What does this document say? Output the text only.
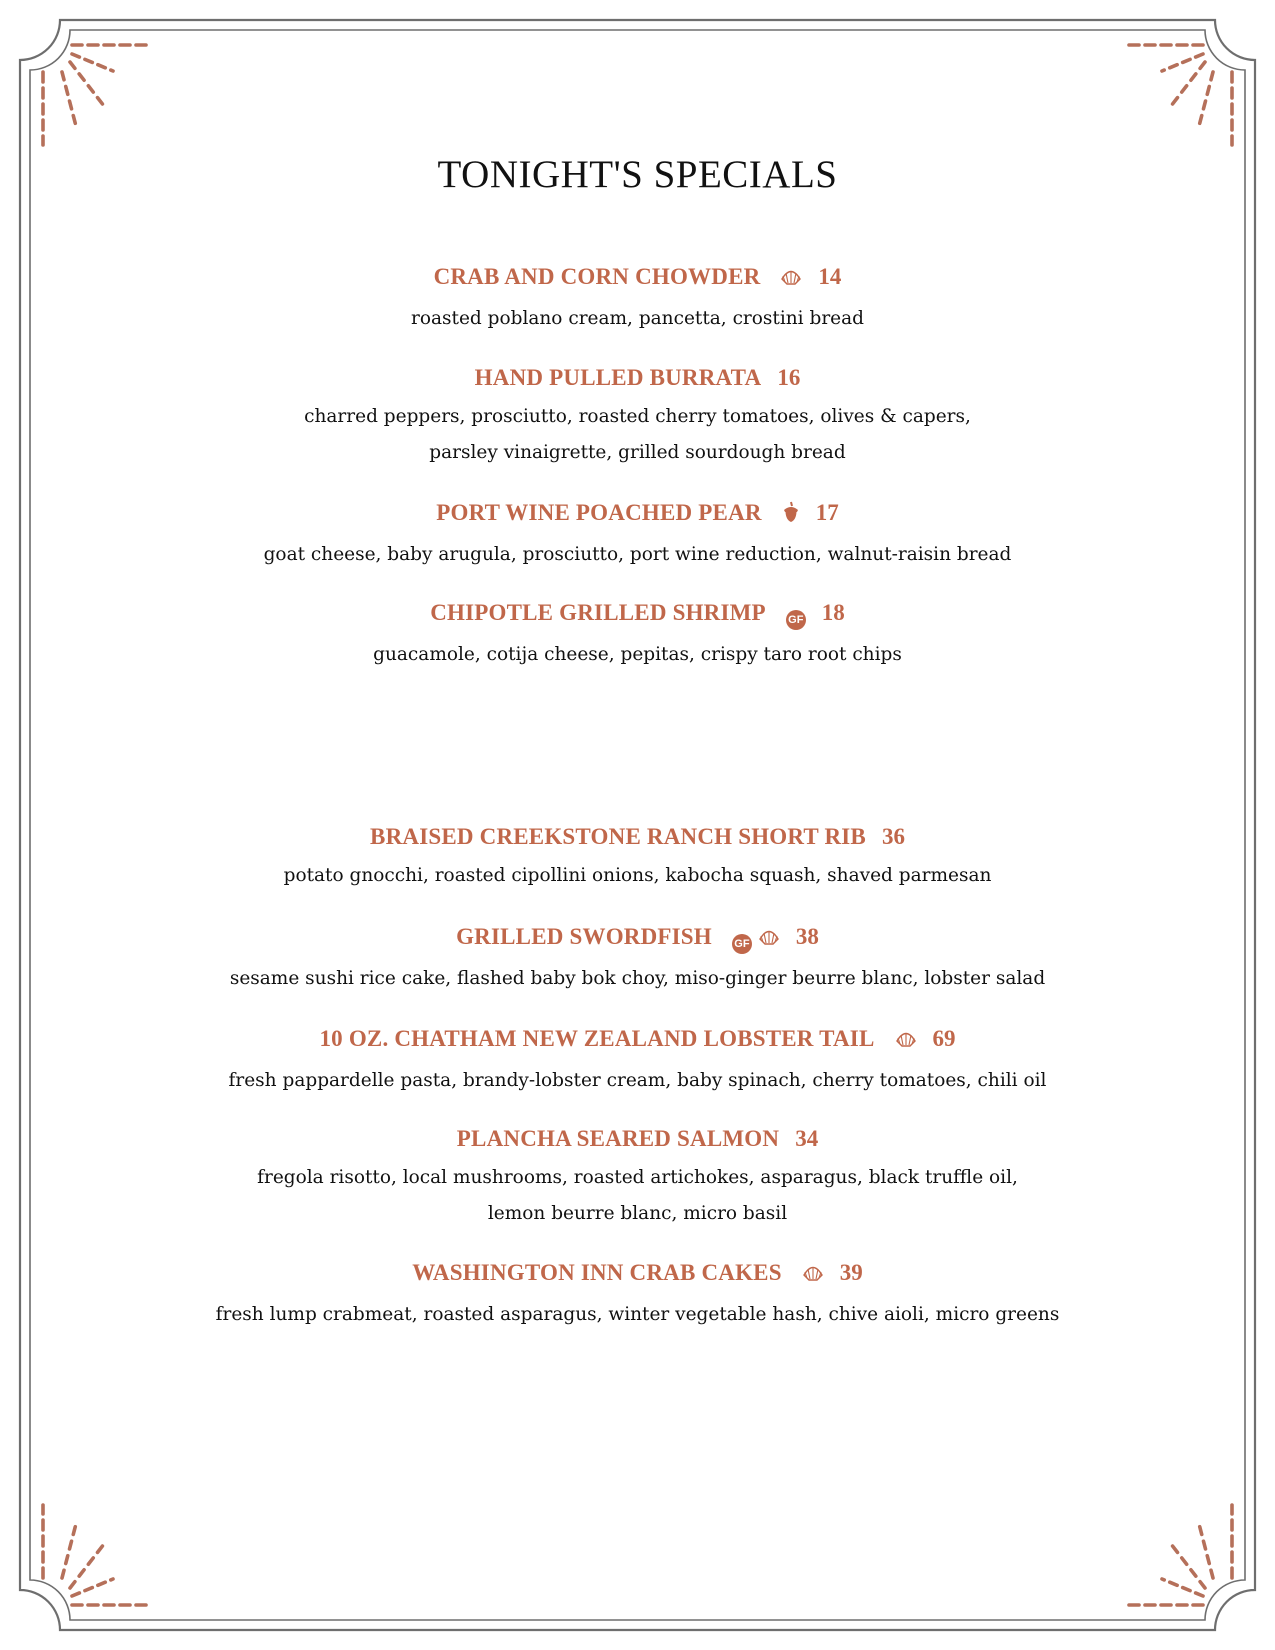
TONIGHT'S SPECIALS
CRAB AND CORN CHOWDER	14
roasted poblano cream, pancetta, crostini bread
HAND PULLED BURRATA 16
charred peppers, prosciutto, roasted cherry tomatoes, olives & capers,
parsley vinaigrette, grilled sourdough bread
PORT WINE POACHED PEAR 17
goat cheese, baby arugula, prosciutto, port wine reduction, walnut-raisin bread
CHIPOTLE GRILLED SHRIMP GF 18
guacamole, cotija cheese, pepitas, crispy taro root chips
BRAISED CREEKSTONE RANCH SHORT RIB 36
potato gnocchi, roasted cipollini onions, kabocha squash, shaved parmesan
GRILLED SWORDFISH GF 38
sesame sushi rice cake, flashed baby bok choy, miso-ginger beurre blanc, lobster salad
10 OZ. CHATHAM NEW ZEALAND LOBSTER TAIL	69
fresh pappardelle pasta, brandy-lobster cream, baby spinach, cherry tomatoes, chili oil
PLANCHA SEARED SALMON 34
fregola risotto, local mushrooms, roasted artichokes, asparagus, black truffle oil,
lemon beurre blanc, micro basil
WASHINGTON INN CRAB CAKES	39
fresh lump crabmeat, roasted asparagus, winter vegetable hash, chive aioli, micro greens
